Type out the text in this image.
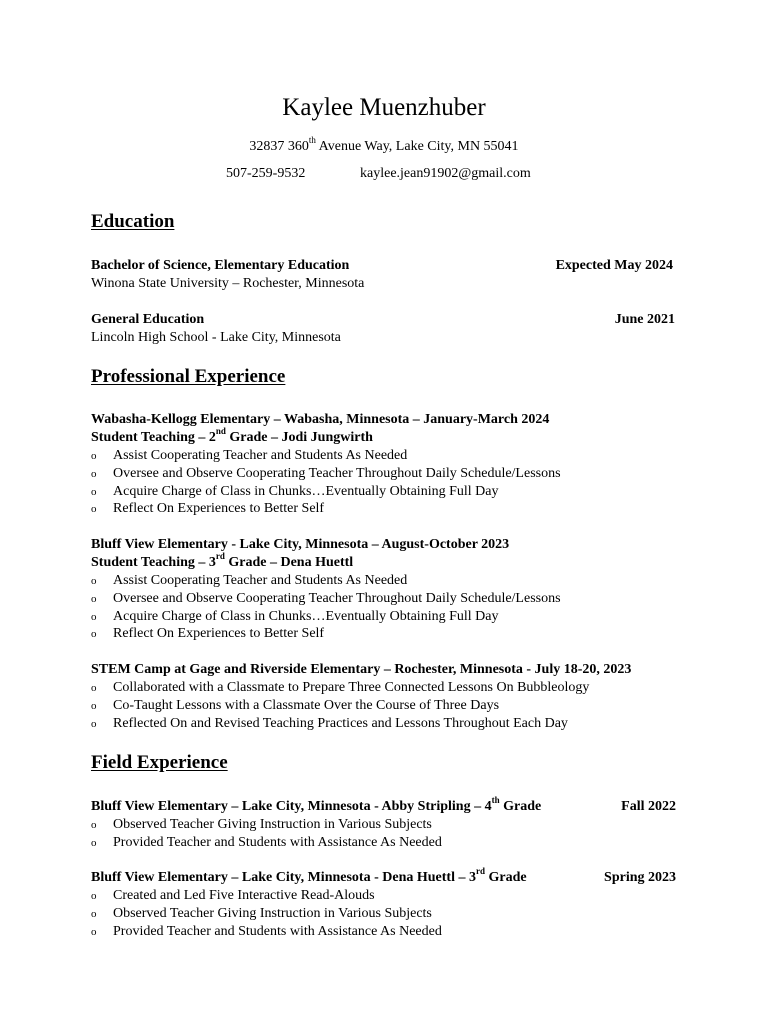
Kaylee Muenzhuber
32837 360th Avenue Way, Lake City, MN 55041
507-259-9532	kaylee.jean91902@gmail.com
Education
Bachelor of Science, Elementary Education	Expected May 2024
Winona State University – Rochester, Minnesota
General Education	June 2021
Lincoln High School - Lake City, Minnesota
Professional Experience
Wabasha-Kellogg Elementary – Wabasha, Minnesota – January-March 2024
Student Teaching – 2nd Grade – Jodi Jungwirth
o Assist Cooperating Teacher and Students As Needed
o Oversee and Observe Cooperating Teacher Throughout Daily Schedule/Lessons
o Acquire Charge of Class in Chunks…Eventually Obtaining Full Day
o Reflect On Experiences to Better Self
Bluff View Elementary - Lake City, Minnesota – August-October 2023
Student Teaching – 3rd Grade – Dena Huettl
o Assist Cooperating Teacher and Students As Needed
o Oversee and Observe Cooperating Teacher Throughout Daily Schedule/Lessons
o Acquire Charge of Class in Chunks…Eventually Obtaining Full Day
o Reflect On Experiences to Better Self
STEM Camp at Gage and Riverside Elementary – Rochester, Minnesota - July 18-20, 2023
o Collaborated with a Classmate to Prepare Three Connected Lessons On Bubbleology
o Co-Taught Lessons with a Classmate Over the Course of Three Days
o Reflected On and Revised Teaching Practices and Lessons Throughout Each Day
Field Experience
Bluff View Elementary – Lake City, Minnesota - Abby Stripling – 4th Grade	Fall 2022
o Observed Teacher Giving Instruction in Various Subjects
o Provided Teacher and Students with Assistance As Needed
Bluff View Elementary – Lake City, Minnesota - Dena Huettl – 3rd Grade	Spring 2023
o Created and Led Five Interactive Read-Alouds
o Observed Teacher Giving Instruction in Various Subjects
o Provided Teacher and Students with Assistance As Needed
